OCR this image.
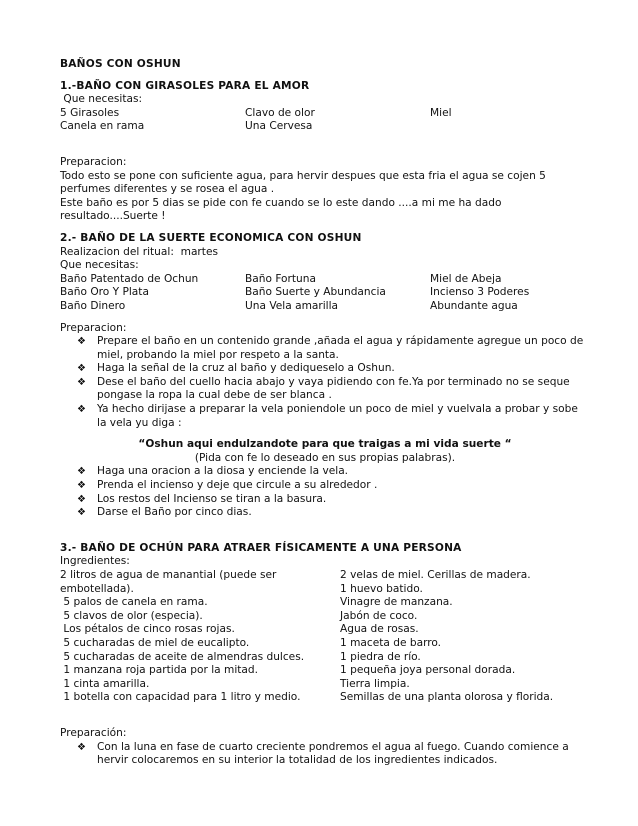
BAÑOS CON OSHUN
1.-BAÑO CON GIRASOLES PARA EL AMOR
Que necesitas:
5 Girasoles	Clavo de olor	Miel
Canela en rama	Una Cervesa
Preparacion:
Todo esto se pone con suficiente agua, para hervir despues que esta fria el agua se cojen 5
perfumes diferentes y se rosea el agua .
Este baño es por 5 dias se pide con fe cuando se lo este dando ....a mi me ha dado
resultado....Suerte !
2.- BAÑO DE LA SUERTE ECONOMICA CON OSHUN
Realizacion del ritual:  martes
Que necesitas:
Baño Patentado de Ochun	Baño Fortuna	Miel de Abeja
Baño Oro Y Plata	Baño Suerte y Abundancia	Incienso 3 Poderes
Baño Dinero	Una Vela amarilla	Abundante agua
Preparacion:
❖ Prepare el baño en un contenido grande ,añada el agua y rápidamente agregue un poco de
miel, probando la miel por respeto a la santa.
❖ Haga la señal de la cruz al baño y dediqueselo a Oshun.
❖ Dese el baño del cuello hacia abajo y vaya pidiendo con fe.Ya por terminado no se seque
pongase la ropa la cual debe de ser blanca .
❖ Ya hecho dirijase a preparar la vela poniendole un poco de miel y vuelvala a probar y sobe
la vela yu diga :
“Oshun aqui endulzandote para que traigas a mi vida suerte “
(Pida con fe lo deseado en sus propias palabras).
❖ Haga una oracion a la diosa y enciende la vela.
❖ Prenda el incienso y deje que circule a su alrededor .
❖ Los restos del Incienso se tiran a la basura.
❖ Darse el Baño por cinco dias.
3.- BAÑO DE OCHÚN PARA ATRAER FÍSICAMENTE A UNA PERSONA
Ingredientes:
2 litros de agua de manantial (puede ser	2 velas de miel. Cerillas de madera.
embotellada).	1 huevo batido.
5 palos de canela en rama.	Vinagre de manzana.
5 clavos de olor (especia).	Jabón de coco.
Los pétalos de cinco rosas rojas.	Agua de rosas.
5 cucharadas de miel de eucalipto.	1 maceta de barro.
5 cucharadas de aceite de almendras dulces.	1 piedra de río.
1 manzana roja partida por la mitad.	1 pequeña joya personal dorada.
1 cinta amarilla.	Tierra limpia.
1 botella con capacidad para 1 litro y medio.	Semillas de una planta olorosa y florida.
Preparación:
❖ Con la luna en fase de cuarto creciente pondremos el agua al fuego. Cuando comience a
hervir colocaremos en su interior la totalidad de los ingredientes indicados.
